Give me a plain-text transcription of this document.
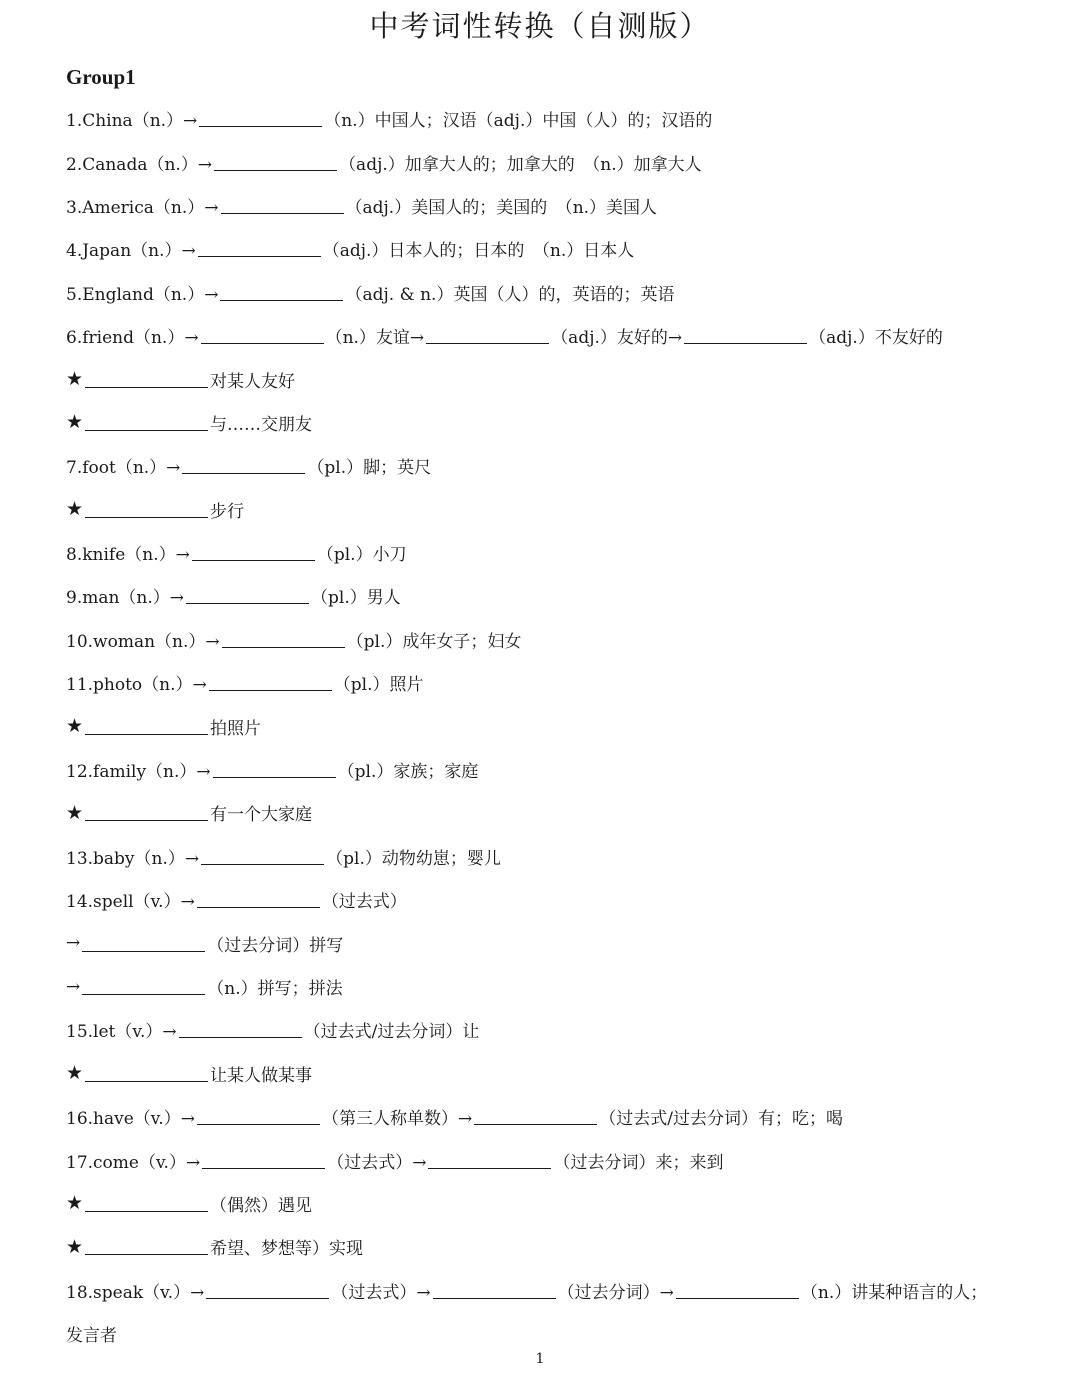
中考词性转换（自测版）
Group1
1.China（n.）→	（n.）中国人；汉语（adj.）中国（人）的；汉语的
2.Canada（n.）→	（adj.）加拿大人的；加拿大的　（n.）加拿大人
3.America（n.）→	（adj.）美国人的；美国的　（n.）美国人
4.Japan（n.）→	（adj.）日本人的；日本的　（n.）日本人
5.England（n.）→	（adj. & n.）英国（人）的，英语的；英语
6.friend（n.）→	（n.）友谊→	（adj.）友好的→	（adj.）不友好的
★	对某人友好
★	与……交朋友
7.foot（n.）→	（pl.）脚；英尺
★	步行
8.knife（n.）→	（pl.）小刀
9.man（n.）→	（pl.）男人
10.woman（n.）→	（pl.）成年女子；妇女
11.photo（n.）→	（pl.）照片
★	拍照片
12.family（n.）→	（pl.）家族；家庭
★	有一个大家庭
13.baby（n.）→	（pl.）动物幼崽；婴儿
14.spell（v.）→	（过去式）
→	（过去分词）拼写
→	（n.）拼写；拼法
15.let（v.）→	（过去式/过去分词）让
★	让某人做某事
16.have（v.）→	（第三人称单数）→	（过去式/过去分词）有；吃；喝
17.come（v.）→	（过去式）→	（过去分词）来；来到
★	（偶然）遇见
★	希望、梦想等）实现
18.speak（v.）→	（过去式）→	（过去分词）→	（n.）讲某种语言的人；
发言者
1
